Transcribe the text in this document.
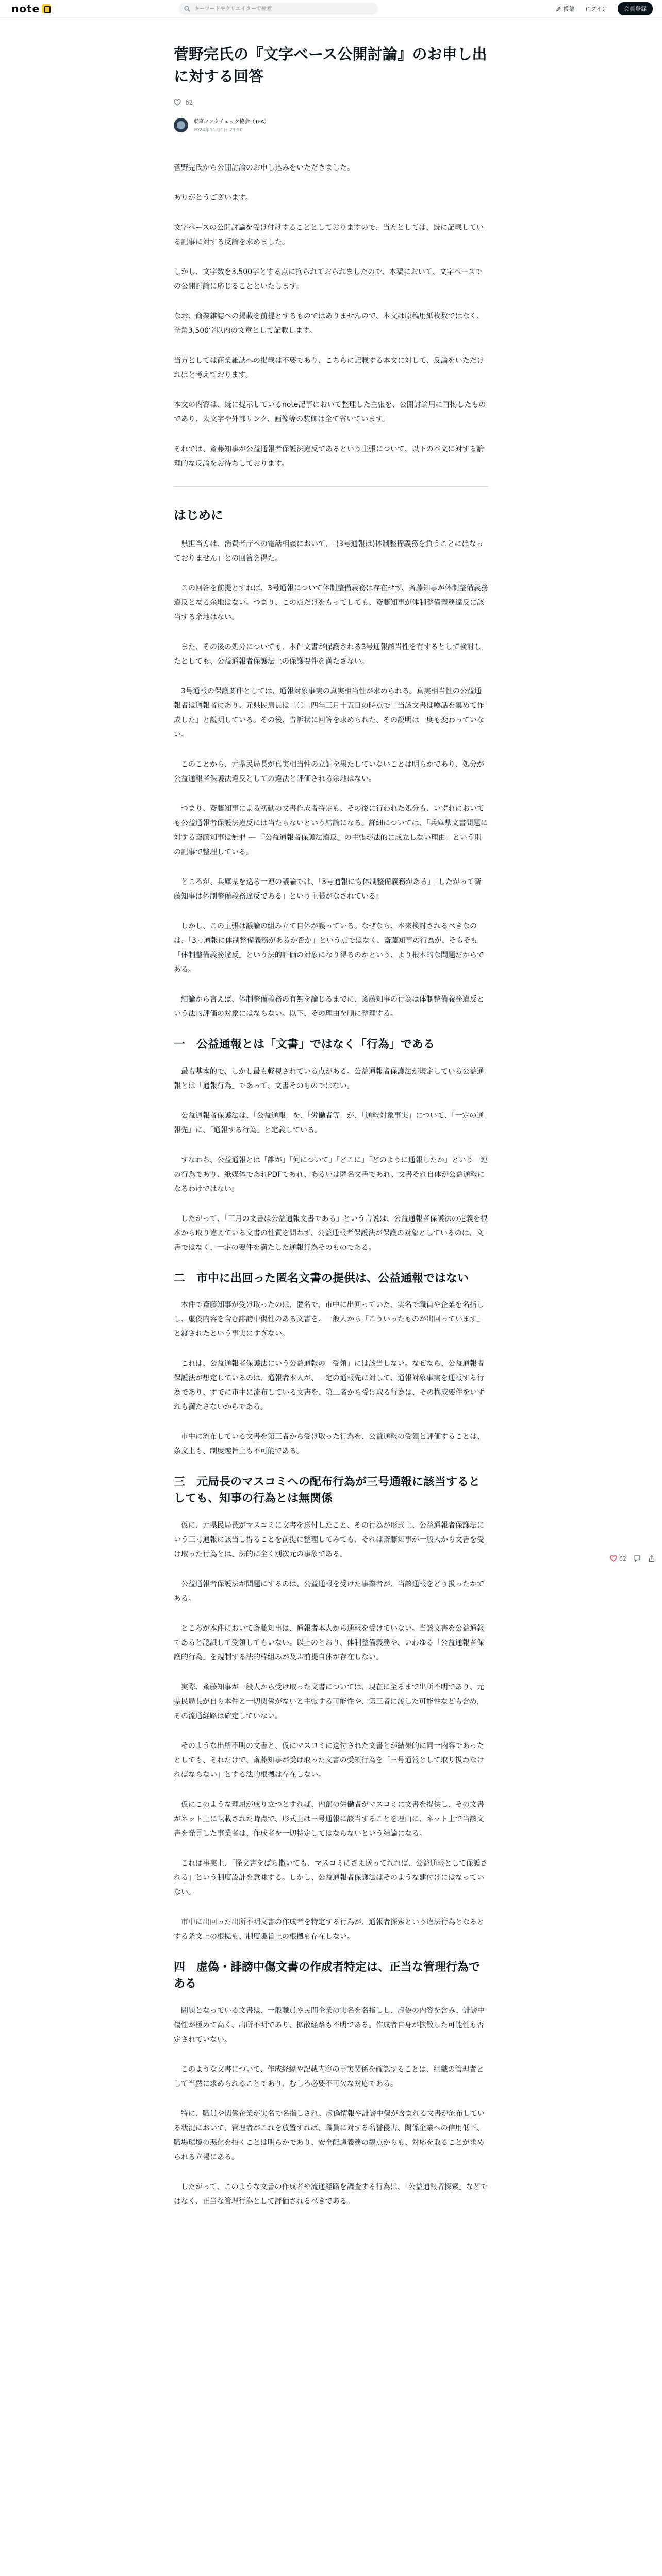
note
キーワードやクリエイターで検索	投稿 ログイン	会員登録
菅野完氏の『文字ベース公開討論』のお申し出に対する回答
62
東京ファクチェック協会（TFA）
2024年11月1日 23:50

菅野完氏から公開討論のお申し込みをいただきました。

ありがとうございます。

文字ベースの公開討論を受け付けすることとしておりますので、当方としては、既に記載している記事に対する反論を求めました。

しかし、文字数を3,500字とする点に拘られておられましたので、本稿において、文字ベースでの公開討論に応じることといたします。

なお、商業雑誌への掲載を前提とするものではありませんので、本文は原稿用紙枚数ではなく、全角3,500字以内の文章として記載します。

当方としては商業雑誌への掲載は不要であり、こちらに記載する本文に対して、反論をいただければと考えております。

本文の内容は、既に提示しているnote記事において整理した主張を、公開討論用に再掲したものであり、太文字や外部リンク、画像等の装飾は全て省いています。

それでは、斎藤知事が公益通報者保護法違反であるという主張について、以下の本文に対する論理的な反論をお待ちしております。

はじめに

県担当方は、消費者庁への電話相談において、「(3号通報は)体制整備義務を負うことにはなっておりません」との回答を得た。

この回答を前提とすれば、3号通報について体制整備義務は存在せず、斎藤知事が体制整備義務違反となる余地はない。つまり、この点だけをもってしても、斎藤知事が体制整備義務違反に該当する余地はない。

また、その後の処分についても、本件文書が保護される3号通報該当性を有するとして検討したとしても、公益通報者保護法上の保護要件を満たさない。

3号通報の保護要件としては、通報対象事実の真実相当性が求められる。真実相当性の公益通報者は通報者にあり、元県民局長は二〇二四年三月十五日の時点で「当該文書は噂話を集めて作成した」と説明している。その後、告訴状に回答を求められた、その説明は一度も変わっていない。

このことから、元県民局長が真実相当性の立証を果たしていないことは明らかであり、処分が公益通報者保護法違反としての違法と評価される余地はない。

つまり、斎藤知事による初動の文書作成者特定も、その後に行われた処分も、いずれにおいても公益通報者保護法違反には当たらないという結論になる。詳細については、「兵庫県文書問題に対する斎藤知事は無罪 ― 『公益通報者保護法違反』の主張が法的に成立しない理由」という別の記事で整理している。

ところが、兵庫県を巡る一連の議論では、「3号通報にも体制整備義務がある」「したがって斎藤知事は体制整備義務違反である」という主張がなされている。

しかし、この主張は議論の組み立て自体が誤っている。なぜなら、本来検討されるべきなのは、「3号通報に体制整備義務があるか否か」という点ではなく、斎藤知事の行為が、そもそも「体制整備義務違反」という法的評価の対象になり得るのかという、より根本的な問題だからである。

結論から言えば、体制整備義務の有無を論じるまでに、斎藤知事の行為は体制整備義務違反という法的評価の対象にはならない。以下、その理由を順に整理する。

一　公益通報とは「文書」ではなく「行為」である

最も基本的で、しかし最も軽視されている点がある。公益通報者保護法が規定している公益通報とは「通報行為」であって、文書そのものではない。

公益通報者保護法は、「公益通報」を、「労働者等」が、「通報対象事実」について、「一定の通報先」に、「通報する行為」と定義している。

すなわち、公益通報とは「誰が」「何について」「どこに」「どのように通報したか」という一連の行為であり、紙媒体であれPDFであれ、あるいは匿名文書であれ、文書それ自体が公益通報になるわけではない。

したがって、「三月の文書は公益通報文書である」という言説は、公益通報者保護法の定義を根本から取り違えている文書の性質を問わず、公益通報者保護法が保護の対象としているのは、文書ではなく、一定の要件を満たした通報行為そのものである。

二　市中に出回った匿名文書の提供は、公益通報ではない

本件で斎藤知事が受け取ったのは、匿名で、市中に出回っていた、実名で職員や企業を名指しし、虚偽内容を含む誹謗中傷性のある文書を、一般人から「こういったものが出回っています」と渡されたという事実にすぎない。

これは、公益通報者保護法にいう公益通報の「受領」には該当しない。なぜなら、公益通報者保護法が想定しているのは、通報者本人が、一定の通報先に対して、通報対象事実を通報する行為であり、すでに市中に流布している文書を、第三者から受け取る行為は、その構成要件をいずれも満たさないからである。

市中に流布している文書を第三者から受け取った行為を、公益通報の受領と評価することは、条文上も、制度趣旨上も不可能である。

三　元局長のマスコミへの配布行為が三号通報に該当するとしても、知事の行為とは無関係

仮に、元県民局長がマスコミに文書を送付したこと、その行為が形式上、公益通報者保護法にいう三号通報に該当し得ることを前提に整理してみても、それは斎藤知事が一般人から文書を受け取った行為とは、法的に全く別次元の事象である。

公益通報者保護法が問題にするのは、公益通報を受けた事業者が、当該通報をどう扱ったかである。

ところが本件において斎藤知事は、通報者本人から通報を受けていない。当該文書を公益通報であると認識して受領してもいない。以上のとおり、体制整備義務や、いわゆる「公益通報者保護的行為」を規制する法的枠組みが及ぶ前提自体が存在しない。

実際、斎藤知事が一般人から受け取った文書については、現在に至るまで出所不明であり、元県民局長が自ら本件と一切関係がないと主張する可能性や、第三者に渡した可能性なども含め、その流通経路は確定していない。

そのような出所不明の文書と、仮にマスコミに送付された文書とが結果的に同一内容であったとしても、それだけで、斎藤知事が受け取った文書の受領行為を「三号通報として取り扱わなければならない」とする法的根拠は存在しない。

仮にこのような理屈が成り立つとすれば、内部の労働者がマスコミに文書を提供し、その文書がネット上に転載された時点で、形式上は三号通報に該当することを理由に、ネット上で当該文書を発見した事業者は、作成者を一切特定してはならないという結論になる。

これは事実上、「怪文書をばら撒いても、マスコミにさえ送ってれれば、公益通報として保護される」という制度設計を意味する。しかし、公益通報者保護法はそのような建付けにはなっていない。

市中に出回った出所不明文書の作成者を特定する行為が、通報者探索という違法行為となるとする条文上の根拠も、制度趣旨上の根拠も存在しない。

四　虚偽・誹謗中傷文書の作成者特定は、正当な管理行為である

問題となっている文書は、一般職員や民間企業の実名を名指しし、虚偽の内容を含み、誹謗中傷性が極めて高く、出所不明であり、拡散経路も不明である。作成者自身が拡散した可能性も否定されていない。

このような文書について、作成経緯や記載内容の事実関係を確認することは、組織の管理者として当然に求められることであり、むしろ必要不可欠な対応である。

特に、職員や関係企業が実名で名指しされ、虚偽情報や誹謗中傷が含まれる文書が流布している状況において、管理者がこれを放置すれば、職員に対する名誉侵害、関係企業への信用低下、職場環境の悪化を招くことは明らかであり、安全配慮義務の観点からも、対応を取ることが求められる立場にある。

したがって、このような文書の作成者や流通経路を調査する行為は、「公益通報者探索」などではなく、正当な管理行為として評価されるべきである。

62
